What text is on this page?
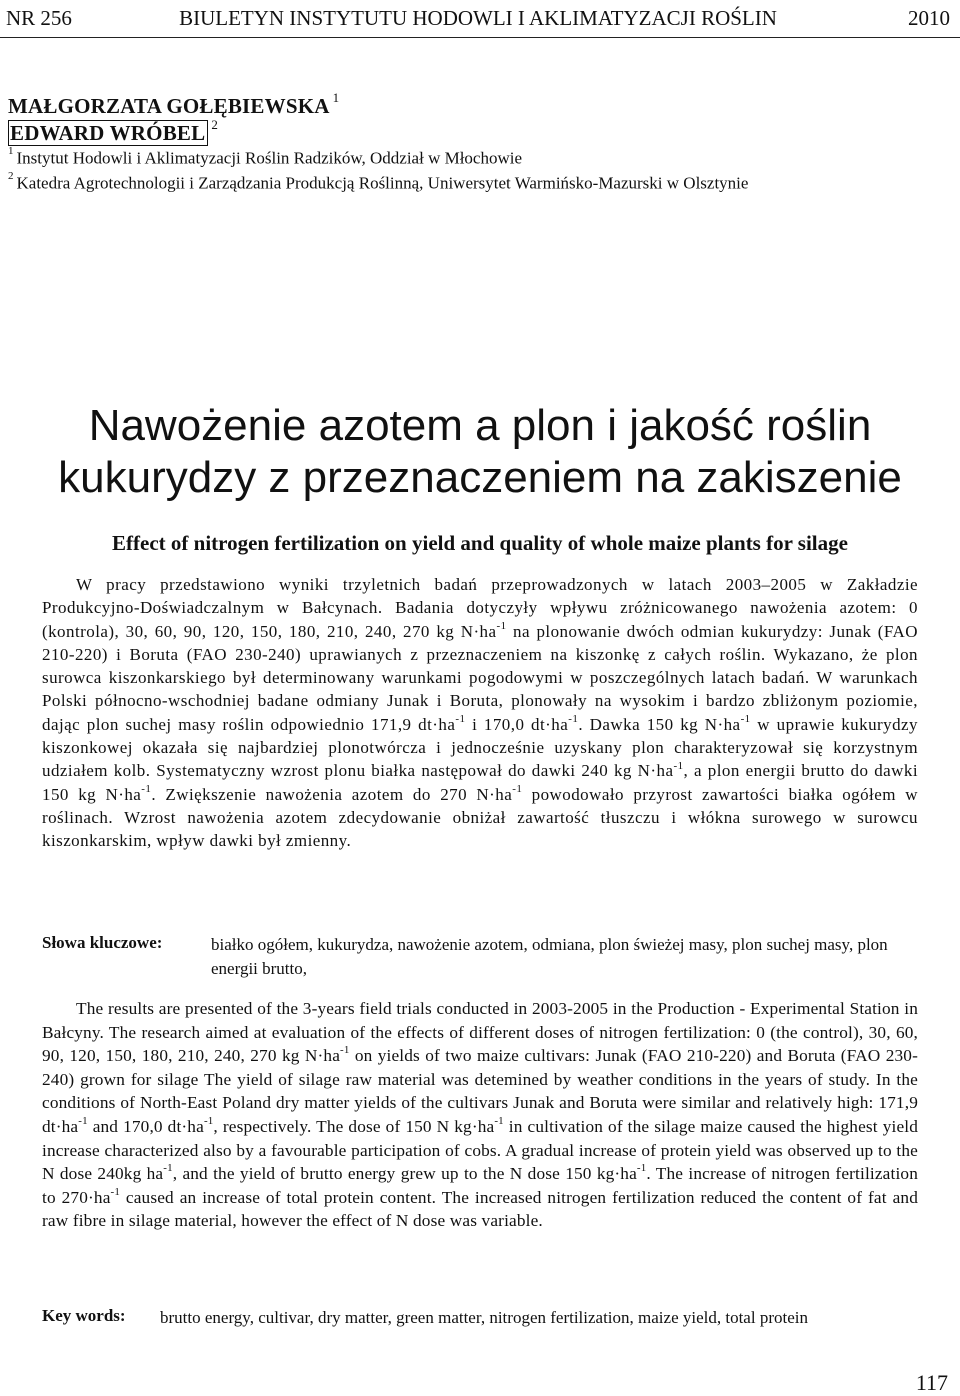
NR 256	BIULETYN INSTYTUTU HODOWLI I AKLIMATYZACJI ROŚLIN	2010
MAŁGORZATA GOŁĘBIEWSKA $^1$
EDWARD WRÓBEL $^2$
$^1$ Instytut Hodowli i Aklimatyzacji Roślin Radzików, Oddział w Młochowie
$^2$ Katedra Agrotechnologii i Zarządzania Produkcją Roślinną, Uniwersytet Warmińsko-Mazurski w Olsztynie
Nawożenie azotem a plon i jakość roślin
kukurydzy z przeznaczeniem na zakiszenie
Effect of nitrogen fertilization on yield and quality of whole maize plants for silage
W pracy przedstawiono wyniki trzyletnich badań przeprowadzonych w latach 2003–2005 w Zakładzie Produkcyjno-Doświadczalnym w Bałcynach. Badania dotyczyły wpływu zróżnicowanego nawożenia azotem: 0 (kontrola), 30, 60, 90, 120, 150, 180, 210, 240, 270 kg $N\cdot ha^{-1}$ na plonowanie dwóch odmian kukurydzy: Junak (FAO 210-220) i Boruta (FAO 230-240) uprawianych z przeznaczeniem na kiszonkę z całych roślin. Wykazano, że plon surowca kiszonkarskiego był determinowany warunkami pogodowymi w poszczególnych latach badań. W warunkach Polski północno-wschodniej badane odmiany Junak i Boruta, plonowały na wysokim i bardzo zbliżonym poziomie, dając plon suchej masy roślin odpowiednio 171,9 $dt\cdot ha^{-1}$ i 170,0 $dt\cdot ha^{-1}$. Dawka 150 kg $N\cdot ha^{-1}$ w uprawie kukurydzy kiszonkowej okazała się najbardziej plonotwórcza i jednocześnie uzyskany plon charakteryzował się korzystnym udziałem kolb. Systematyczny wzrost plonu białka następował do dawki 240 kg $N\cdot ha^{-1}$, a plon energii brutto do dawki 150 kg $N\cdot ha^{-1}$. Zwiększenie nawożenia azotem do 270 $N\cdot ha^{-1}$ powodowało przyrost zawartości białka ogółem w roślinach. Wzrost nawożenia azotem zdecydowanie obniżał zawartość tłuszczu i włókna surowego w surowcu kiszonkarskim, wpływ dawki był zmienny.
Słowa kluczowe:	białko ogółem, kukurydza, nawożenie azotem, odmiana, plon świeżej masy, plon suchej masy, plon energii brutto,
The results are presented of the 3-years field trials conducted in 2003-2005 in the Production - Experimental Station in Bałcyny. The research aimed at evaluation of the effects of different doses of nitrogen fertilization: 0 (the control), 30, 60, 90, 120, 150, 180, 210, 240, 270 kg $N\cdot ha^{-1}$ on yields of two maize cultivars: Junak (FAO 210-220) and Boruta (FAO 230-240) grown for silage The yield of silage raw material was detemined by weather conditions in the years of study. In the conditions of North-East Poland dry matter yields of the cultivars Junak and Boruta were similar and relatively high: 171,9 $dt\cdot ha^{-1}$ and 170,0 $dt\cdot ha^{-1}$, respectively. The dose of 150 N $kg\cdot ha^{-1}$ in cultivation of the silage maize caused the highest yield increase characterized also by a favourable participation of cobs. A gradual increase of protein yield was observed up to the N dose 240kg $ha^{-1}$, and the yield of brutto energy grew up to the N dose 150 $kg\cdot ha^{-1}$. The increase of nitrogen fertilization to $270\cdot ha^{-1}$ caused an increase of total protein content. The increased nitrogen fertilization reduced the content of fat and raw fibre in silage material, however the effect of N dose was variable.
Key words: brutto energy, cultivar, dry matter, green matter, nitrogen fertilization, maize yield, total protein
117
